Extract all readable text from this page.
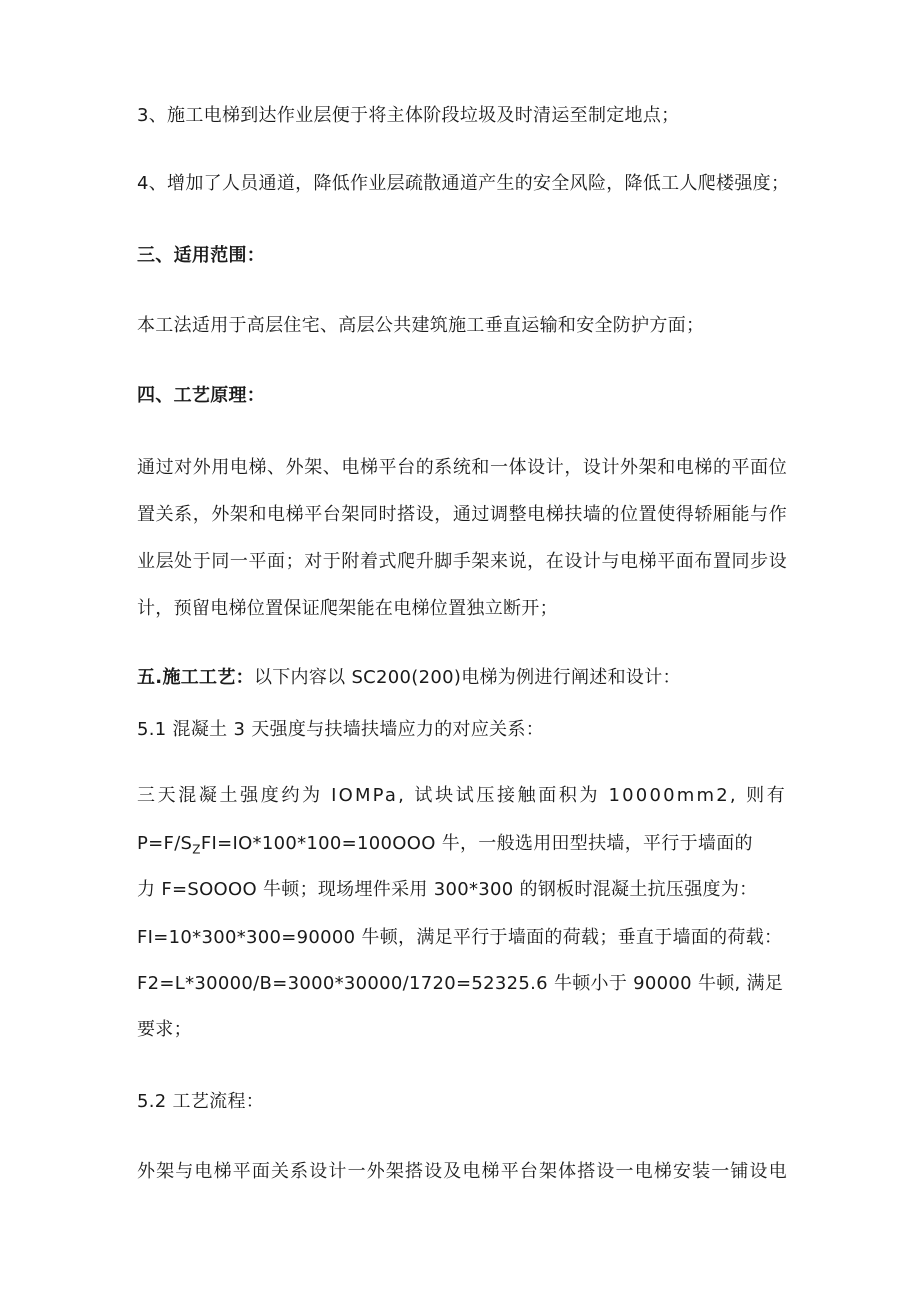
3、施工电梯到达作业层便于将主体阶段垃圾及时清运至制定地点；
4、增加了人员通道，降低作业层疏散通道产生的安全风险，降低工人爬楼强度；
三、适用范围：
本工法适用于高层住宅、高层公共建筑施工垂直运输和安全防护方面；
四、工艺原理：
通过对外用电梯、外架、电梯平台的系统和一体设计，设计外架和电梯的平面位
置关系，外架和电梯平台架同时搭设，通过调整电梯扶墙的位置使得轿厢能与作
业层处于同一平面；对于附着式爬升脚手架来说，在设计与电梯平面布置同步设
计，预留电梯位置保证爬架能在电梯位置独立断开；
五.施工工艺：以下内容以 SC200(200)电梯为例进行阐述和设计：
5.1 混凝土 3 天强度与扶墙扶墙应力的对应关系：
三天混凝土强度约为 IOMPa, 试块试压接触面积为 10000mm2, 则有
$P=F∕S_ZFI=IO*100*100=100OOO$ 牛，一般选用田型扶墙，平行于墙面的
力 F=SOOOO 牛顿；现场埋件采用 300*300 的钢板时混凝土抗压强度为：
FI=10*300*300=90000 牛顿，满足平行于墙面的荷载；垂直于墙面的荷载：
F2=L*30000∕B=3000*30000∕1720=52325.6 牛顿小于 90000 牛顿, 满足
要求；
5.2 工艺流程：
外架与电梯平面关系设计一外架搭设及电梯平台架体搭设一电梯安装一铺设电
